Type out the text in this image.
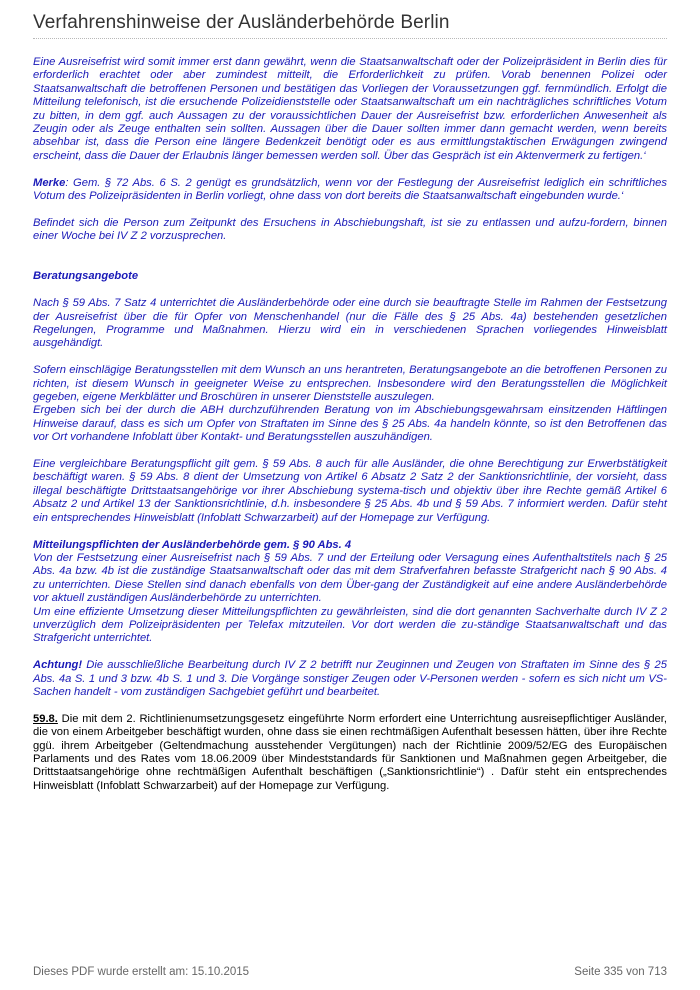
Verfahrenshinweise der Ausländerbehörde Berlin

Eine Ausreisefrist wird somit immer erst dann gewährt, wenn die Staatsanwaltschaft oder der Polizeipräsident in Berlin dies für erforderlich erachtet oder aber zumindest mitteilt, die Erforderlichkeit zu prüfen. Vorab benennen Polizei oder Staatsanwaltschaft die betroffenen Personen und bestätigen das Vorliegen der Voraussetzungen ggf. fernmündlich. Erfolgt die Mitteilung telefonisch, ist die ersuchende Polizeidienststelle oder Staatsanwaltschaft um ein nachträgliches schriftliches Votum zu bitten, in dem ggf. auch Aussagen zu der voraussichtlichen Dauer der Ausreisefrist bzw. erforderlichen Anwesenheit als Zeugin oder als Zeuge enthalten sein sollten. Aussagen über die Dauer sollten immer dann gemacht werden, wenn bereits absehbar ist, dass die Person eine längere Bedenkzeit benötigt oder es aus ermittlungstaktischen Erwägungen zwingend erscheint, dass die Dauer der Erlaubnis länger bemessen werden soll. Über das Gespräch ist ein Aktenvermerk zu fertigen.‘

Merke: Gem. § 72 Abs. 6 S. 2 genügt es grundsätzlich, wenn vor der Festlegung der Ausreisefrist lediglich ein schriftliches Votum des Polizeipräsidenten in Berlin vorliegt, ohne dass von dort bereits die Staatsanwaltschaft eingebunden wurde.‘

Befindet sich die Person zum Zeitpunkt des Ersuchens in Abschiebungshaft, ist sie zu entlassen und aufzu-fordern, binnen einer Woche bei IV Z 2 vorzusprechen.

Beratungsangebote

Nach § 59 Abs. 7 Satz 4 unterrichtet die Ausländerbehörde oder eine durch sie beauftragte Stelle im Rahmen der Festsetzung der Ausreisefrist über die für Opfer von Menschenhandel (nur die Fälle des § 25 Abs. 4a) bestehenden gesetzlichen Regelungen, Programme und Maßnahmen. Hierzu wird ein in verschiedenen Sprachen vorliegendes Hinweisblatt ausgehändigt.

Sofern einschlägige Beratungsstellen mit dem Wunsch an uns herantreten, Beratungsangebote an die betroffenen Personen zu richten, ist diesem Wunsch in geeigneter Weise zu entsprechen. Insbesondere wird den Beratungsstellen die Möglichkeit gegeben, eigene Merkblätter und Broschüren in unserer Dienststelle auszulegen.

Ergeben sich bei der durch die ABH durchzuführenden Beratung von im Abschiebungsgewahrsam einsitzenden Häftlingen Hinweise darauf, dass es sich um Opfer von Straftaten im Sinne des § 25 Abs. 4a handeln könnte, so ist den Betroffenen das vor Ort vorhandene Infoblatt über Kontakt- und Beratungsstellen auszuhändigen.

Eine vergleichbare Beratungspflicht gilt gem. § 59 Abs. 8 auch für alle Ausländer, die ohne Berechtigung zur Erwerbstätigkeit beschäftigt waren. § 59 Abs. 8 dient der Umsetzung von Artikel 6 Absatz 2 Satz 2 der Sanktionsrichtlinie, der vorsieht, dass illegal beschäftigte Drittstaatsangehörige vor ihrer Abschiebung systema-tisch und objektiv über ihre Rechte gemäß Artikel 6 Absatz 2 und Artikel 13 der Sanktionsrichtlinie, d.h. insbesondere § 25 Abs. 4b und § 59 Abs. 7 informiert werden. Dafür steht ein entsprechendes Hinweisblatt (Infoblatt Schwarzarbeit) auf der Homepage zur Verfügung.

Mitteilungspflichten der Ausländerbehörde gem. § 90 Abs. 4

Von der Festsetzung einer Ausreisefrist nach § 59 Abs. 7 und der Erteilung oder Versagung eines Aufenthaltstitels nach § 25 Abs. 4a bzw. 4b ist die zuständige Staatsanwaltschaft oder das mit dem Strafverfahren befasste Strafgericht nach § 90 Abs. 4 zu unterrichten. Diese Stellen sind danach ebenfalls von dem Über-gang der Zuständigkeit auf eine andere Ausländerbehörde vor aktuell zuständigen Ausländerbehörde zu unterrichten.

Um eine effiziente Umsetzung dieser Mitteilungspflichten zu gewährleisten, sind die dort genannten Sachverhalte durch IV Z 2 unverzüglich dem Polizeipräsidenten per Telefax mitzuteilen. Vor dort werden die zu-ständige Staatsanwaltschaft und das Strafgericht unterrichtet.

Achtung! Die ausschließliche Bearbeitung durch IV Z 2 betrifft nur Zeuginnen und Zeugen von Straftaten im Sinne des § 25 Abs. 4a S. 1 und 3 bzw. 4b S. 1 und 3. Die Vorgänge sonstiger Zeugen oder V-Personen werden - sofern es sich nicht um VS-Sachen handelt - vom zuständigen Sachgebiet geführt und bearbeitet.

59.8. Die mit dem 2. Richtlinienumsetzungsgesetz eingeführte Norm erfordert eine Unterrichtung ausreisepflichtiger Ausländer, die von einem Arbeitgeber beschäftigt wurden, ohne dass sie einen rechtmäßigen Aufenthalt besessen hätten, über ihre Rechte ggü. ihrem Arbeitgeber (Geltendmachung ausstehender Vergütungen) nach der Richtlinie 2009/52/EG des Europäischen Parlaments und des Rates vom 18.06.2009 über Mindeststandards für Sanktionen und Maßnahmen gegen Arbeitgeber, die Drittstaatsangehörige ohne rechtmäßigen Aufenthalt beschäftigen („Sanktionsrichtlinie“) . Dafür steht ein entsprechendes Hinweisblatt (Infoblatt Schwarzarbeit) auf der Homepage zur Verfügung.

Dieses PDF wurde erstellt am: 15.10.2015	Seite 335 von 713
